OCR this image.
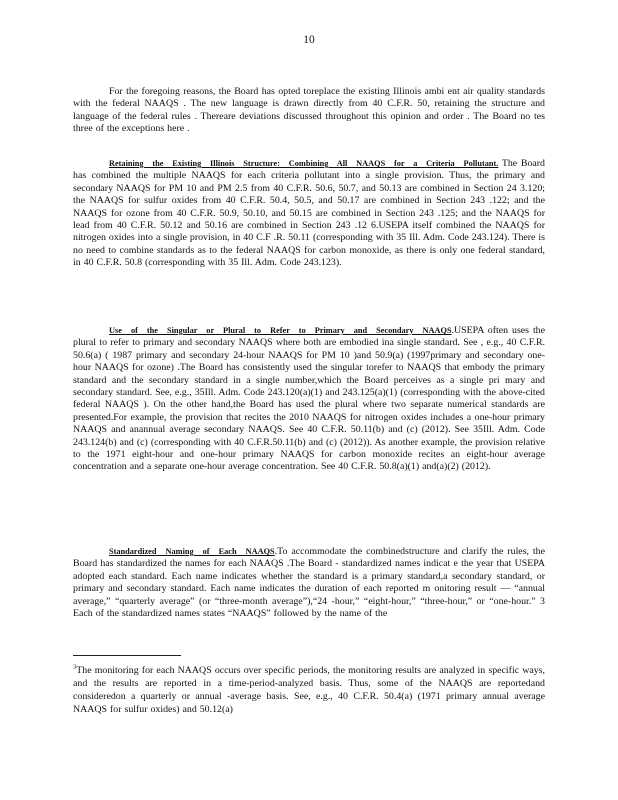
10
For the foregoing reasons, the Board has opted toreplace the existing Illinois ambi ent air quality standards with the federal NAAQS . The new language is drawn directly from 40 C.F.R. 50, retaining the structure and language of the federal rules . Thereare deviations discussed throughout this opinion and order . The Board no tes three of the exceptions here .
Retaining the Existing Illinois Structure: Combining All NAAQS for a Criteria Pollutant. The Board has combined the multiple NAAQS for each criteria pollutant into a single provision. Thus, the primary and secondary NAAQS for PM 10 and PM 2.5 from 40 C.F.R. 50.6, 50.7, and 50.13 are combined in Section 24 3.120; the NAAQS for sulfur oxides from 40 C.F.R. 50.4, 50.5, and 50.17 are combined in Section 243 .122; and the NAAQS for ozone from 40 C.F.R. 50.9, 50.10, and 50.15 are combined in Section 243 .125; and the NAAQS for lead from 40 C.F.R. 50.12 and 50.16 are combined in Section 243 .12 6.USEPA itself combined the NAAQS for nitrogen oxides into a single provision, in 40 C.F .R. 50.11 (corresponding with 35 Ill. Adm. Code 243.124). There is no need to combine standards as to the federal NAAQS for carbon monoxide, as there is only one federal standard, in 40 C.F.R. 50.8 (corresponding with 35 Ill. Adm. Code 243.123).
Use of the Singular or Plural to Refer to Primary and Secondary NAAQS.USEPA often uses the plural to refer to primary and secondary NAAQS where both are embodied ina single standard. See , e.g., 40 C.F.R. 50.6(a) ( 1987 primary and secondary 24-hour NAAQS for PM 10 )and 50.9(a) (1997primary and secondary one-hour NAAQS for ozone) .The Board has consistently used the singular torefer to NAAQS that embody the primary standard and the secondary standard in a single number,which the Board perceives as a single pri mary and secondary standard. See, e.g., 35Ill. Adm. Code 243.120(a)(1) and 243.125(a)(1) (corresponding with the above-cited federal NAAQS ). On the other hand,the Board has used the plural where two separate numerical standards are presented.For example, the provision that recites the 2010 NAAQS for nitrogen oxides includes a one-hour primary NAAQS and anannual average secondary NAAQS. See 40 C.F.R. 50.11(b) and (c) (2012). See 35Ill. Adm. Code 243.124(b) and (c) (corresponding with 40 C.F.R.50.11(b) and (c) (2012)). As another example, the provision relative to the 1971 eight-hour and one-hour primary NAAQS for carbon monoxide recites an eight-hour average concentration and a separate one-hour average concentration. See 40 C.F.R. 50.8(a)(1) and(a)(2) (2012).
Standardized Naming of Each NAAQS.To accommodate the combinedstructure and clarify the rules, the Board has standardized the names for each NAAQS .The Board - standardized names indicat e the year that USEPA adopted each standard. Each name indicates whether the standard is a primary standard,a secondary standard, or primary and secondary standard. Each name indicates the duration of each reported m onitoring result — “annual average,” “quarterly average” (or “three-month average”),“24 -hour,” “eight-hour,” “three-hour,” or “one-hour.” 3 Each of the standardized names states “NAAQS” followed by the name of the
$^3$The monitoring for each NAAQS occurs over specific periods, the monitoring results are analyzed in specific ways, and the results are reported in a time-period-analyzed basis. Thus, some of the NAAQS are reportedand consideredon a quarterly or annual -average basis. See, e.g., 40 C.F.R. 50.4(a) (1971 primary annual average NAAQS for sulfur oxides) and 50.12(a)
